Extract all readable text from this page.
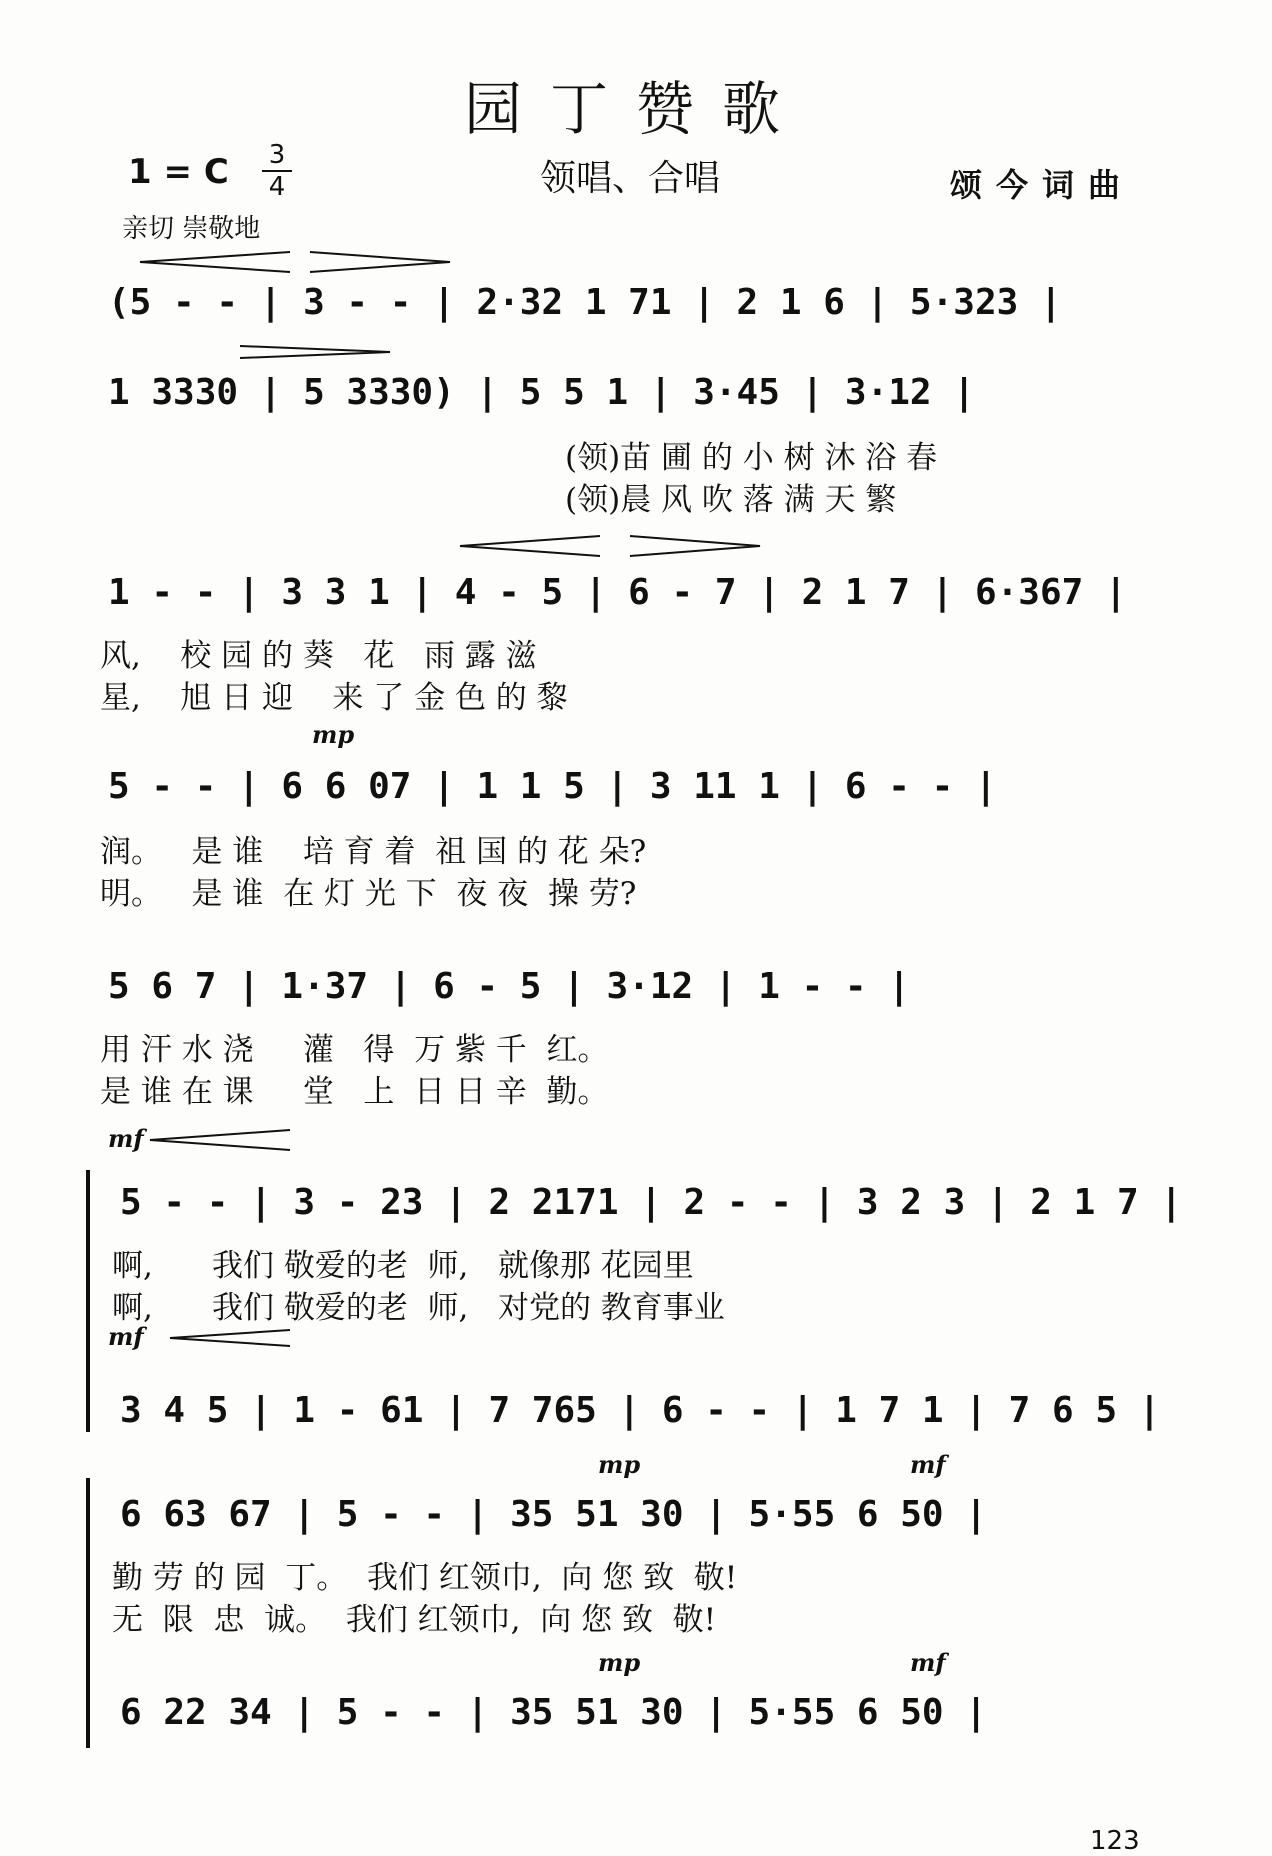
园丁赞歌
1 = C 3
4	领唱、合唱	颂今词曲
亲切 崇敬地
(5 - - | 3 - - | 2·32 1 71 | 2 1 6 | 5·323 |
1 3330 | 5 3330) | 5 5 1 | 3·45 | 3·12 |
(领)苗 圃 的 小 树 沐 浴 春
(领)晨 风 吹 落 满 天 繁
1 - - | 3 3 1 | 4 - 5 | 6 - 7 | 2 1 7 | 6·367 |
风,    校 园 的 葵   花   雨 露 滋
星,    旭 日 迎    来 了 金 色 的 黎
mp
5 - - | 6 6 07 | 1 1 5 | 3 11 1 | 6 - - |
润。   是 谁    培 育 着  祖 国 的 花 朵?
明。   是 谁  在 灯 光 下  夜 夜  操 劳?
5 6 7 | 1·37 | 6 - 5 | 3·12 | 1 - - |
用 汗 水 浇     灌   得  万 紫 千  红。
是 谁 在 课     堂   上  日 日 辛  勤。
mf
5 - - | 3 - 23 | 2 2171 | 2 - - | 3 2 3 | 2 1 7 |
啊,      我们 敬爱的老  师,   就像那 花园里
啊,      我们 敬爱的老  师,   对党的 教育事业
mf
3 4 5 | 1 - 61 | 7 765 | 6 - - | 1 7 1 | 7 6 5 |
mp	mf
6 63 67 | 5 - - | 35 51 30 | 5·55 6 50 |
勤 劳 的 园  丁。  我们 红领巾,  向 您 致  敬!
无  限  忠  诚。  我们 红领巾,  向 您 致  敬!
mp	mf
6 22 34 | 5 - - | 35 51 30 | 5·55 6 50 |
123
